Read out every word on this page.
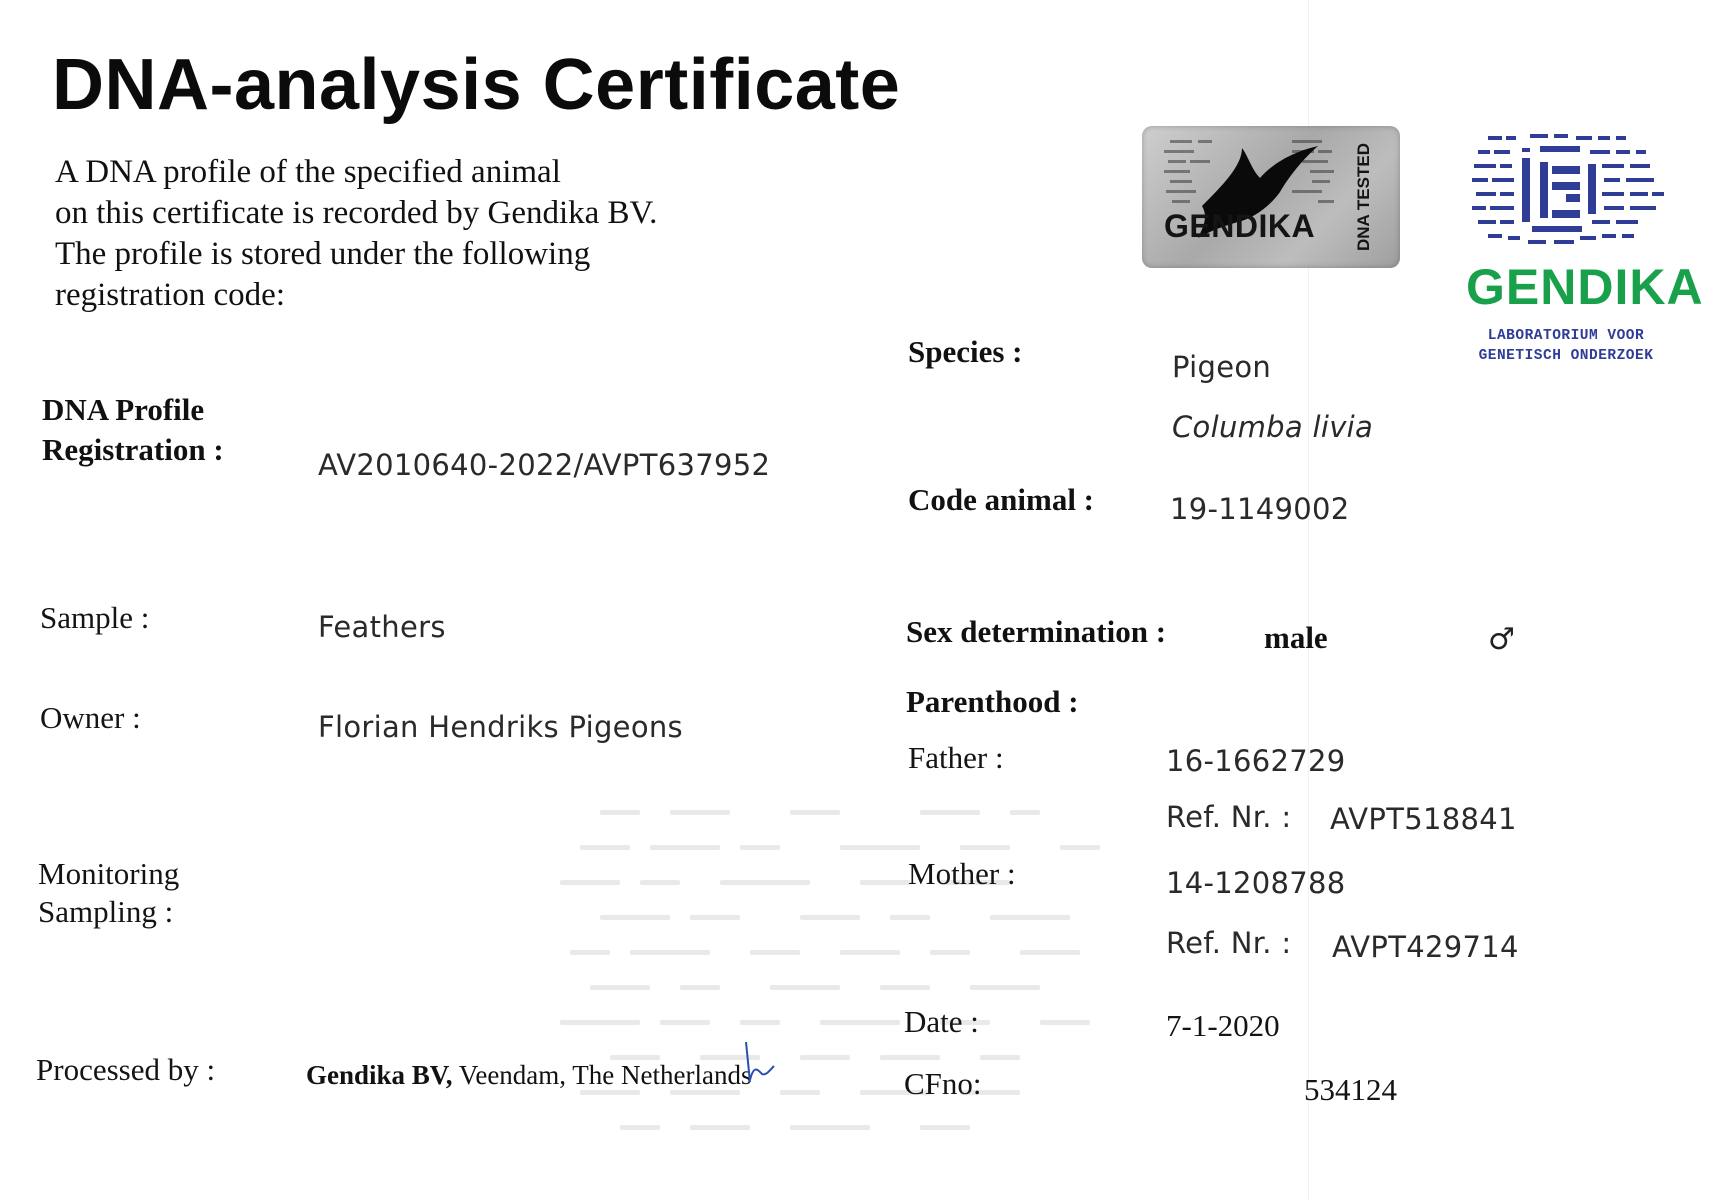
DNA-analysis Certificate
A DNA profile of the specified animal
on this certificate is recorded by Gendika BV.
The profile is stored under the following
registration code:
DNA Profile
Registration :	AV2010640-2022/AVPT637952
Sample :	Feathers
Owner :	Florian Hendriks Pigeons
Monitoring
Sampling :
Processed by :	Gendika BV, Veendam, The Netherlands
Species :	Pigeon
Columba livia
Code animal :	19-1149002
Sex determination :	male	♂
Parenthood :
Father :	16-1662729
Ref. Nr. : AVPT518841
Mother :	14-1208788
Ref. Nr. : AVPT429714
Date :	7-1-2020
CFno:	534124
GENDIKA DNA TESTED
GENDIKA
LABORATORIUM VOOR
GENETISCH ONDERZOEK
